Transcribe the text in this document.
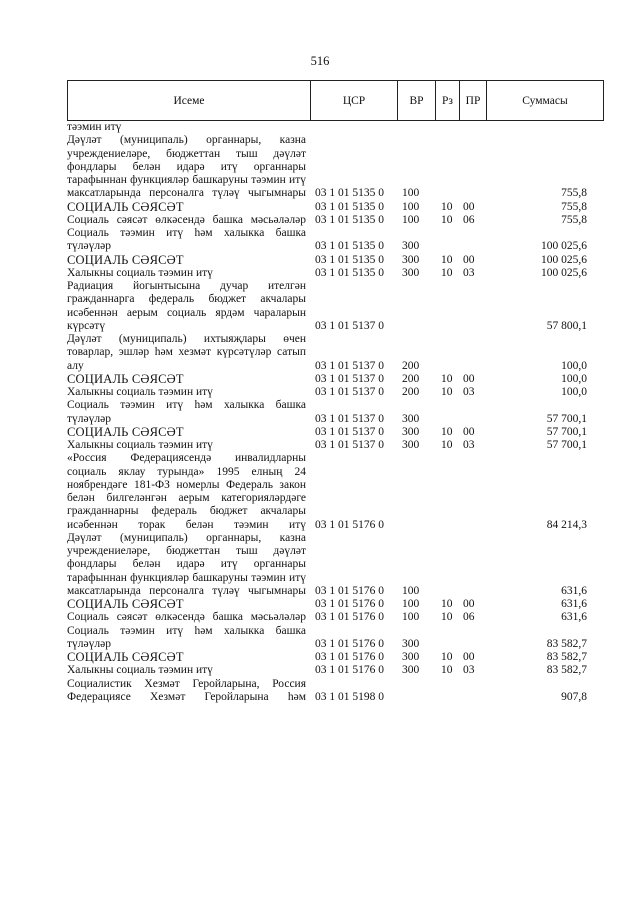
516
Исеме	ЦСР	ВР	Рз	ПР	Суммасы
тәэмин итү
Дәүләт (муниципаль) органнары, казна учреждениеләре, бюджеттан тыш дәүләт фондлары белән идарә итү органнары тарафыннан функцияләр башкаруны тәэмин итү максатларында персоналга түләү чыгымнары 03 1 01 5135 0	100	755,8
СОЦИАЛЬ СӘЯСӘТ	03 1 01 5135 0	100	10 00	755,8
Социаль сәясәт өлкәсендә башка мәсьәләләр 03 1 01 5135 0	100	10 06	755,8
Социаль тәэмин итү һәм халыкка башка түләүләр	03 1 01 5135 0	300	100 025,6
СОЦИАЛЬ СӘЯСӘТ	03 1 01 5135 0	300	10 00	100 025,6
Халыкны социаль тәэмин итү	03 1 01 5135 0	300	10 03	100 025,6
Радиация йогынтысына дучар ителгән гражданнарга федераль бюджет акчалары исәбеннән аерым социаль ярдәм чараларын күрсәтү	03 1 01 5137 0	57 800,1
Дәүләт (муниципаль) ихтыяҗлары өчен товарлар, эшләр һәм хезмәт күрсәтүләр сатып алу	03 1 01 5137 0	200	100,0
СОЦИАЛЬ СӘЯСӘТ	03 1 01 5137 0	200	10 00	100,0
Халыкны социаль тәэмин итү	03 1 01 5137 0	200	10 03	100,0
Социаль тәэмин итү һәм халыкка башка түләүләр	03 1 01 5137 0	300	57 700,1
СОЦИАЛЬ СӘЯСӘТ	03 1 01 5137 0	300	10 00	57 700,1
Халыкны социаль тәэмин итү	03 1 01 5137 0	300	10 03	57 700,1
«Россия Федерациясендә инвалидларны социаль яклау турында» 1995 елның 24 ноябрендәге 181-ФЗ номерлы Федераль закон белән билгеләнгән аерым категорияләрдәге гражданнарны федераль бюджет акчалары исәбеннән торак белән тәэмин итү 03 1 01 5176 0	84 214,3
Дәүләт (муниципаль) органнары, казна учреждениеләре, бюджеттан тыш дәүләт фондлары белән идарә итү органнары тарафыннан функцияләр башкаруны тәэмин итү максатларында персоналга түләү чыгымнары 03 1 01 5176 0	100	631,6
СОЦИАЛЬ СӘЯСӘТ	03 1 01 5176 0	100	10 00	631,6
Социаль сәясәт өлкәсендә башка мәсьәләләр 03 1 01 5176 0	100	10 06	631,6
Социаль тәэмин итү һәм халыкка башка түләүләр	03 1 01 5176 0	300	83 582,7
СОЦИАЛЬ СӘЯСӘТ	03 1 01 5176 0	300	10 00	83 582,7
Халыкны социаль тәэмин итү	03 1 01 5176 0	300	10 03	83 582,7
Социалистик Хезмәт Геройларына, Россия Федерациясе Хезмәт Геройларына һәм 03 1 01 5198 0	907,8
